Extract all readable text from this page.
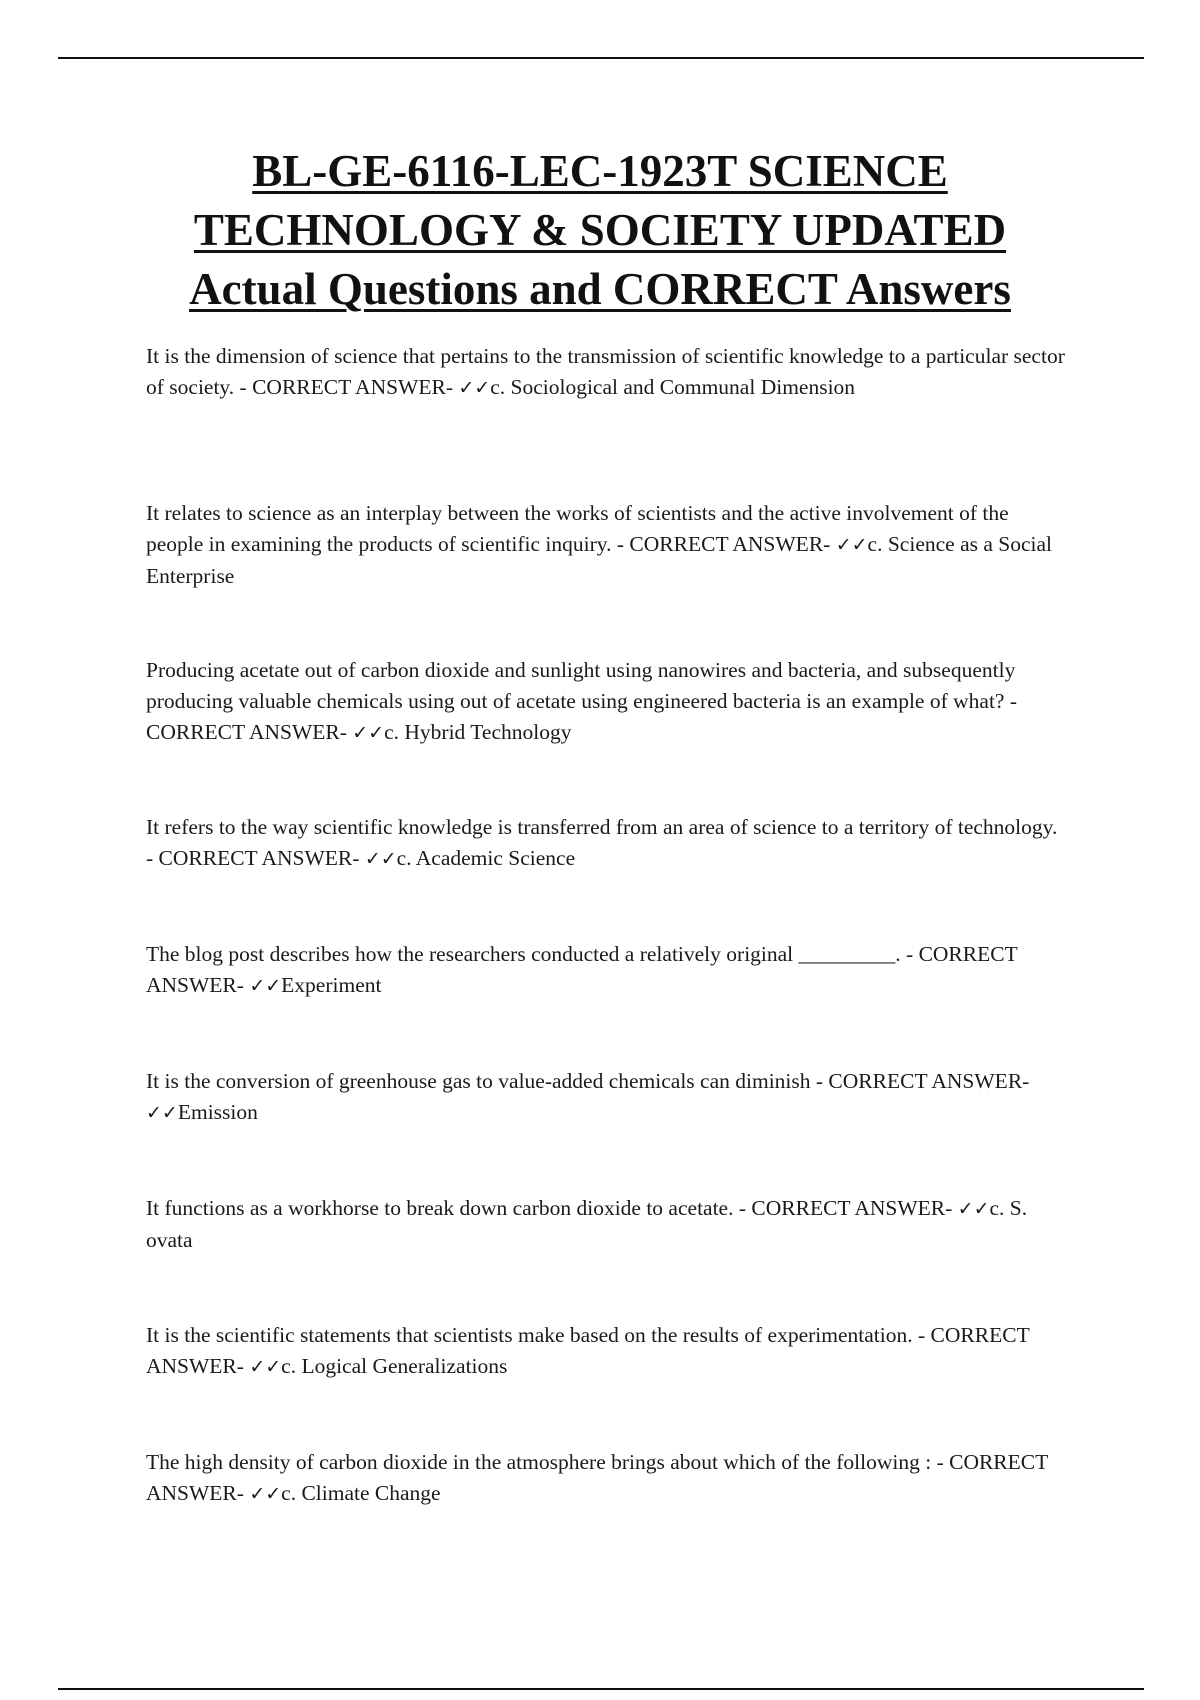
BL-GE-6116-LEC-1923T SCIENCE
TECHNOLOGY & SOCIETY UPDATED
Actual Questions and CORRECT Answers

It is the dimension of science that pertains to the transmission of scientific knowledge to a particular sector of society. - CORRECT ANSWER- ✓✓c. Sociological and Communal Dimension

It relates to science as an interplay between the works of scientists and the active involvement of the people in examining the products of scientific inquiry. - CORRECT ANSWER- ✓✓c. Science as a Social Enterprise

Producing acetate out of carbon dioxide and sunlight using nanowires and bacteria, and subsequently producing valuable chemicals using out of acetate using engineered bacteria is an example of what? - CORRECT ANSWER- ✓✓c. Hybrid Technology

It refers to the way scientific knowledge is transferred from an area of science to a territory of technology. - CORRECT ANSWER- ✓✓c. Academic Science

The blog post describes how the researchers conducted a relatively original _________. - CORRECT ANSWER- ✓✓Experiment

It is the conversion of greenhouse gas to value-added chemicals can diminish - CORRECT ANSWER- ✓✓Emission

It functions as a workhorse to break down carbon dioxide to acetate. - CORRECT ANSWER- ✓✓c. S. ovata

It is the scientific statements that scientists make based on the results of experimentation. - CORRECT ANSWER- ✓✓c. Logical Generalizations

The high density of carbon dioxide in the atmosphere brings about which of the following : - CORRECT ANSWER- ✓✓c. Climate Change
